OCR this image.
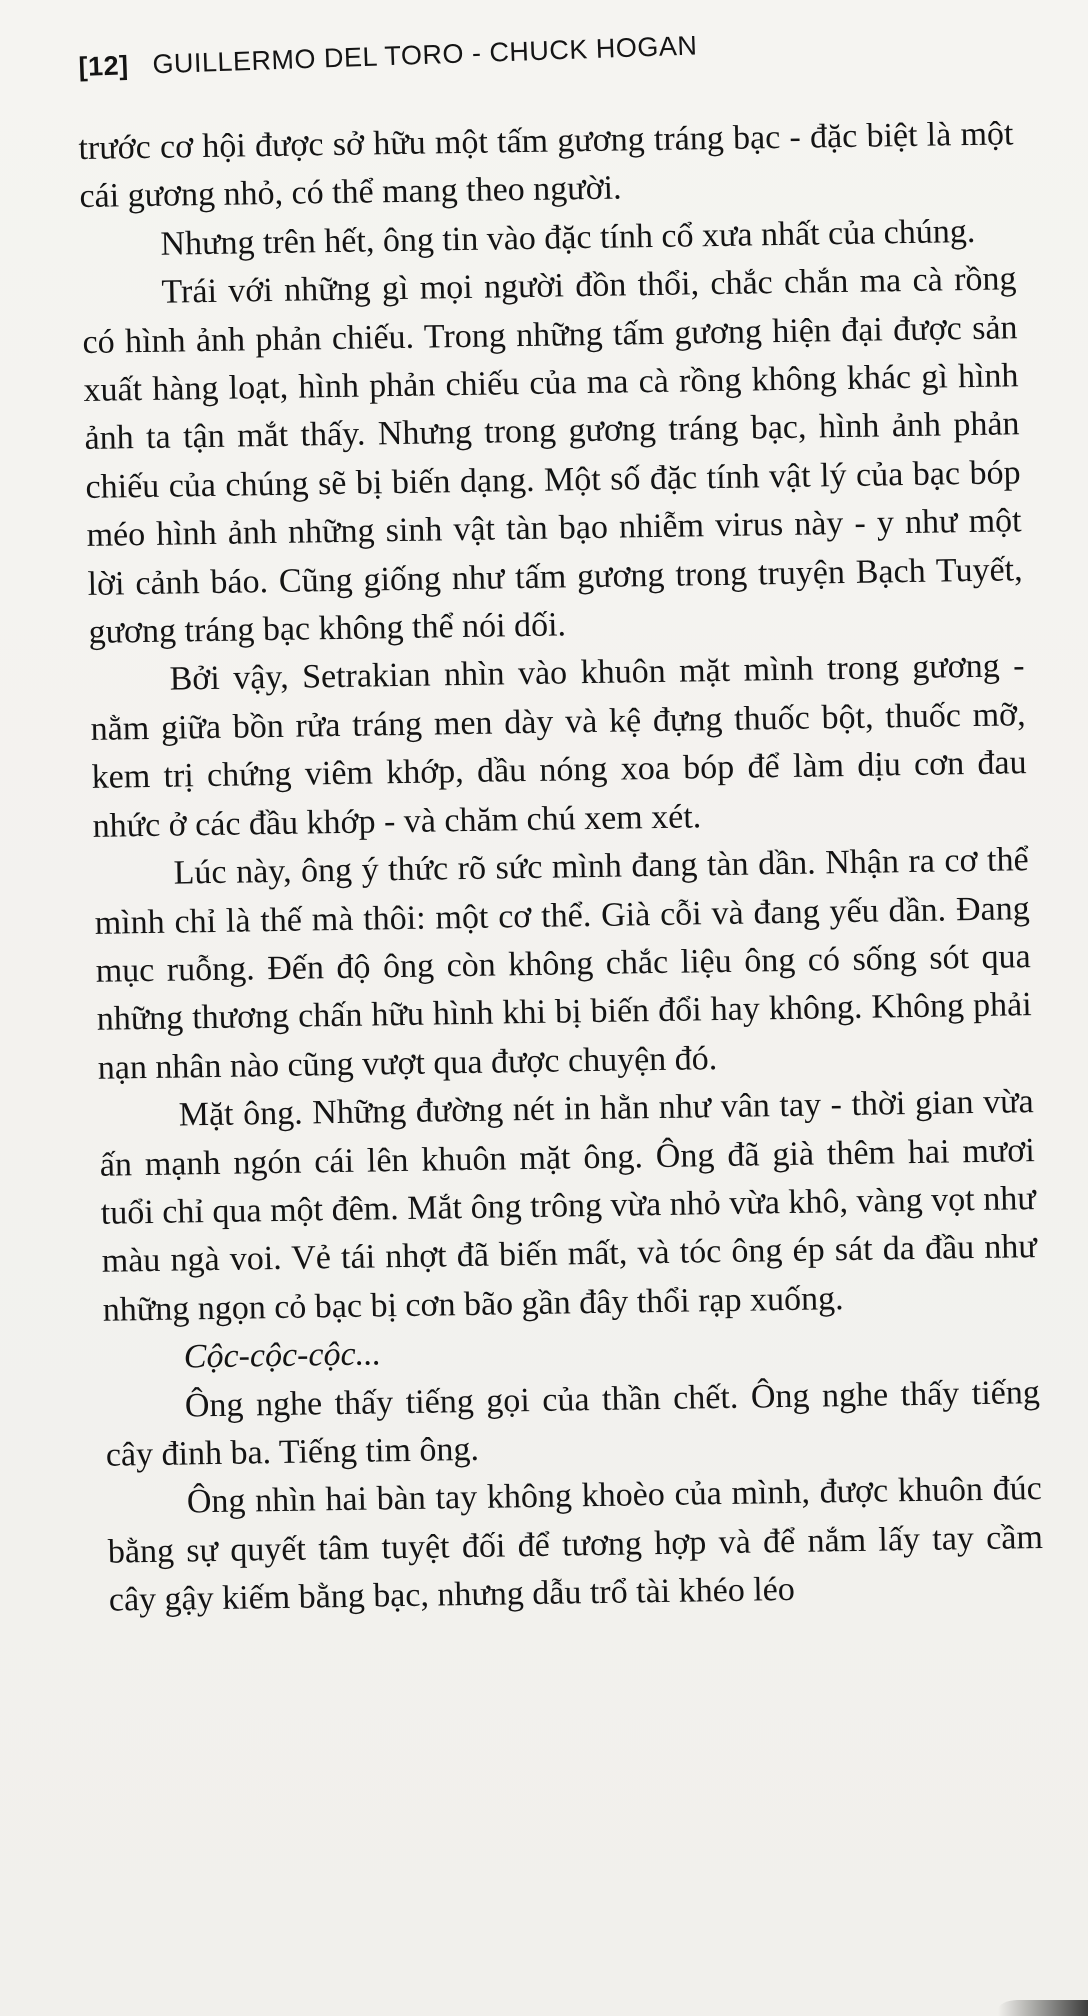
[12] GUILLERMO DEL TORO - CHUCK HOGAN

trước cơ hội được sở hữu một tấm gương tráng bạc - đặc biệt là một cái gương nhỏ, có thể mang theo người.

Nhưng trên hết, ông tin vào đặc tính cổ xưa nhất của chúng.

Trái với những gì mọi người đồn thổi, chắc chắn ma cà rồng có hình ảnh phản chiếu. Trong những tấm gương hiện đại được sản xuất hàng loạt, hình phản chiếu của ma cà rồng không khác gì hình ảnh ta tận mắt thấy. Nhưng trong gương tráng bạc, hình ảnh phản chiếu của chúng sẽ bị biến dạng. Một số đặc tính vật lý của bạc bóp méo hình ảnh những sinh vật tàn bạo nhiễm virus này - y như một lời cảnh báo. Cũng giống như tấm gương trong truyện Bạch Tuyết, gương tráng bạc không thể nói dối.

Bởi vậy, Setrakian nhìn vào khuôn mặt mình trong gương - nằm giữa bồn rửa tráng men dày và kệ đựng thuốc bột, thuốc mỡ, kem trị chứng viêm khớp, dầu nóng xoa bóp để làm dịu cơn đau nhức ở các đầu khớp - và chăm chú xem xét.

Lúc này, ông ý thức rõ sức mình đang tàn dần. Nhận ra cơ thể mình chỉ là thế mà thôi: một cơ thể. Già cỗi và đang yếu dần. Đang mục ruỗng. Đến độ ông còn không chắc liệu ông có sống sót qua những thương chấn hữu hình khi bị biến đổi hay không. Không phải nạn nhân nào cũng vượt qua được chuyện đó.

Mặt ông. Những đường nét in hằn như vân tay - thời gian vừa ấn mạnh ngón cái lên khuôn mặt ông. Ông đã già thêm hai mươi tuổi chỉ qua một đêm. Mắt ông trông vừa nhỏ vừa khô, vàng vọt như màu ngà voi. Vẻ tái nhợt đã biến mất, và tóc ông ép sát da đầu như những ngọn cỏ bạc bị cơn bão gần đây thổi rạp xuống.

Cộc-cộc-cộc...

Ông nghe thấy tiếng gọi của thần chết. Ông nghe thấy tiếng cây đinh ba. Tiếng tim ông.

Ông nhìn hai bàn tay không khoèo của mình, được khuôn đúc bằng sự quyết tâm tuyệt đối để tương hợp và để nắm lấy tay cầm cây gậy kiếm bằng bạc, nhưng dẫu trổ tài khéo léo
